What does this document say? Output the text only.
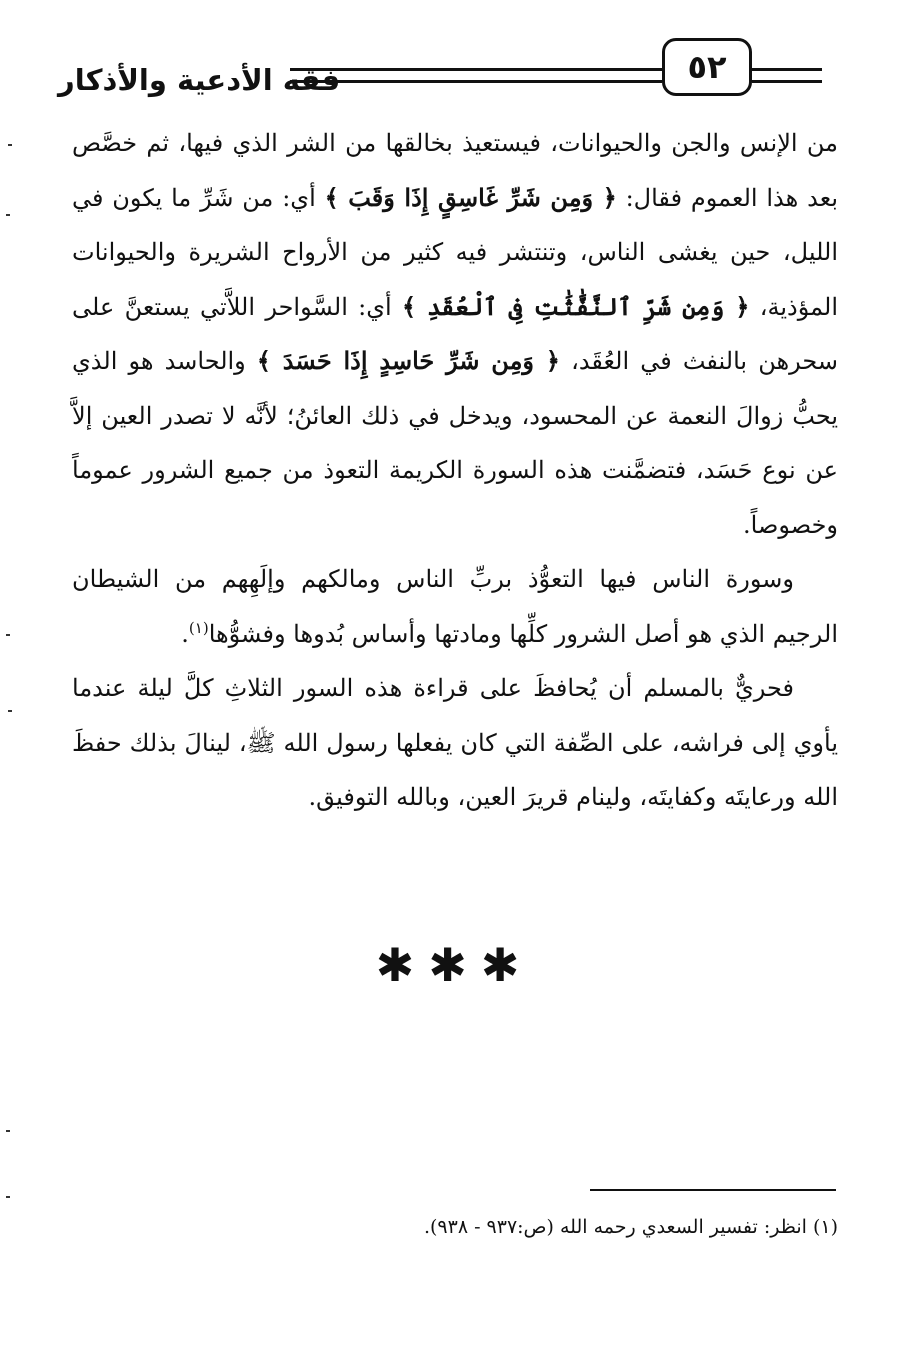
فقه الأدعية والأذكار	٥٢

من الإنس والجن والحيوانات، فيستعيذ بخالقها من الشر الذي فيها، ثم خصَّص بعد هذا العموم فقال: ﴿ وَمِن شَرِّ غَاسِقٍ إِذَا وَقَبَ ﴾ أي: من شَرِّ ما يكون في الليل، حين يغشى الناس، وتنتشر فيه كثير من الأرواح الشريرة والحيوانات المؤذية، ﴿ وَمِن شَرِّ ٱلنَّفَّٰثَٰتِ فِى ٱلْعُقَدِ ﴾ أي: السَّواحر اللاَّتي يستعنَّ على سحرهن بالنفث في العُقَد، ﴿ وَمِن شَرِّ حَاسِدٍ إِذَا حَسَدَ ﴾ والحاسد هو الذي يحبُّ زوالَ النعمة عن المحسود، ويدخل في ذلك العائنُ؛ لأنَّه لا تصدر العين إلاَّ عن نوع حَسَد، فتضمَّنت هذه السورة الكريمة التعوذ من جميع الشرور عموماً وخصوصاً.

وسورة الناس فيها التعوُّذ بربِّ الناس ومالكهم وإلَهِهم من الشيطان الرجيم الذي هو أصل الشرور كلِّها ومادتها وأساس بُدوها وفشوُّها$^{(١)}$.

فحريٌّ بالمسلم أن يُحافظَ على قراءة هذه السور الثلاثِ كلَّ ليلة عندما يأوي إلى فراشه، على الصِّفة التي كان يفعلها رسول الله ﷺ، لينالَ بذلك حفظَ الله ورعايتَه وكفايتَه، ولينام قريرَ العين، وبالله التوفيق.

✱✱✱
(١) انظر: تفسير السعدي رحمه الله (ص:٩٣٧ - ٩٣٨).
